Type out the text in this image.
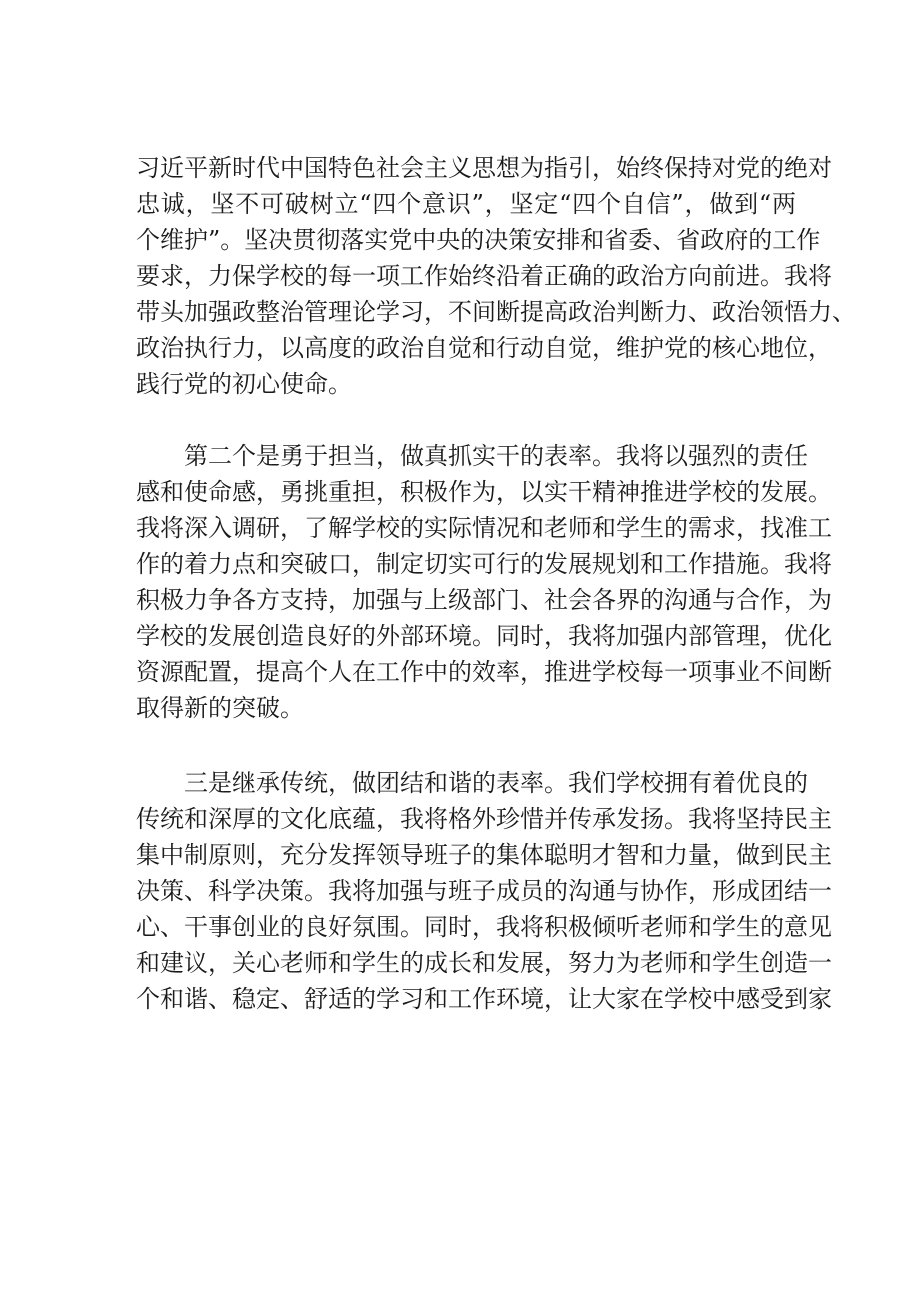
习近平新时代中国特色社会主义思想为指引，始终保持对党的绝对
忠诚，坚不可破树立“四个意识”，坚定“四个自信”，做到“两
个维护”。坚决贯彻落实党中央的决策安排和省委、省政府的工作
要求，力保学校的每一项工作始终沿着正确的政治方向前进。我将
带头加强政整治管理论学习，不间断提高政治判断力、政治领悟力、
政治执行力，以高度的政治自觉和行动自觉，维护党的核心地位，
践行党的初心使命。
第二个是勇于担当，做真抓实干的表率。我将以强烈的责任
感和使命感，勇挑重担，积极作为，以实干精神推进学校的发展。
我将深入调研，了解学校的实际情况和老师和学生的需求，找准工
作的着力点和突破口，制定切实可行的发展规划和工作措施。我将
积极力争各方支持，加强与上级部门、社会各界的沟通与合作，为
学校的发展创造良好的外部环境。同时，我将加强内部管理，优化
资源配置，提高个人在工作中的效率，推进学校每一项事业不间断
取得新的突破。
三是继承传统，做团结和谐的表率。我们学校拥有着优良的
传统和深厚的文化底蕴，我将格外珍惜并传承发扬。我将坚持民主
集中制原则，充分发挥领导班子的集体聪明才智和力量，做到民主
决策、科学决策。我将加强与班子成员的沟通与协作，形成团结一
心、干事创业的良好氛围。同时，我将积极倾听老师和学生的意见
和建议，关心老师和学生的成长和发展，努力为老师和学生创造一
个和谐、稳定、舒适的学习和工作环境，让大家在学校中感受到家
